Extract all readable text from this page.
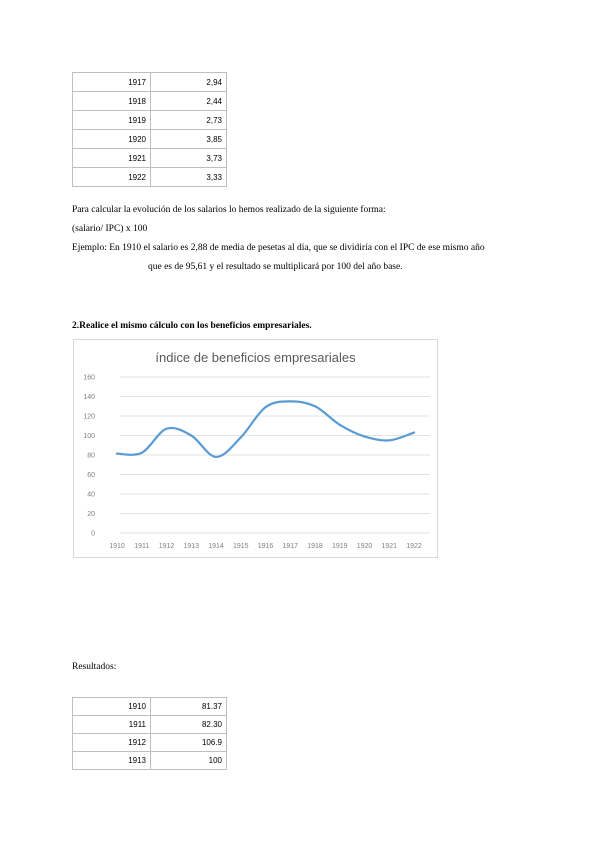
1917	2,94
1918	2,44
1919	2,73
1920	3,85
1921	3,73
1922	3,33
Para calcular la evolución de los salarios lo hemos realizado de la siguiente forma:
(salario/ IPC) x 100
Ejemplo: En 1910 el salario es 2,88 de media de pesetas al día, que se dividiría con el IPC de ese mismo año
que es de 95,61 y el resultado se multiplicará por 100 del año base.
2.Realice el mismo cálculo con los beneficios empresariales.
índice de beneficios empresariales
0
20
40
60
80
100
120
140
160
1910 1911 1912 1913 1914 1915 1916 1917 1918 1919 1920 1921 1922
Resultados:
1910	81.37
1911	82.30
1912	106.9
1913	100
